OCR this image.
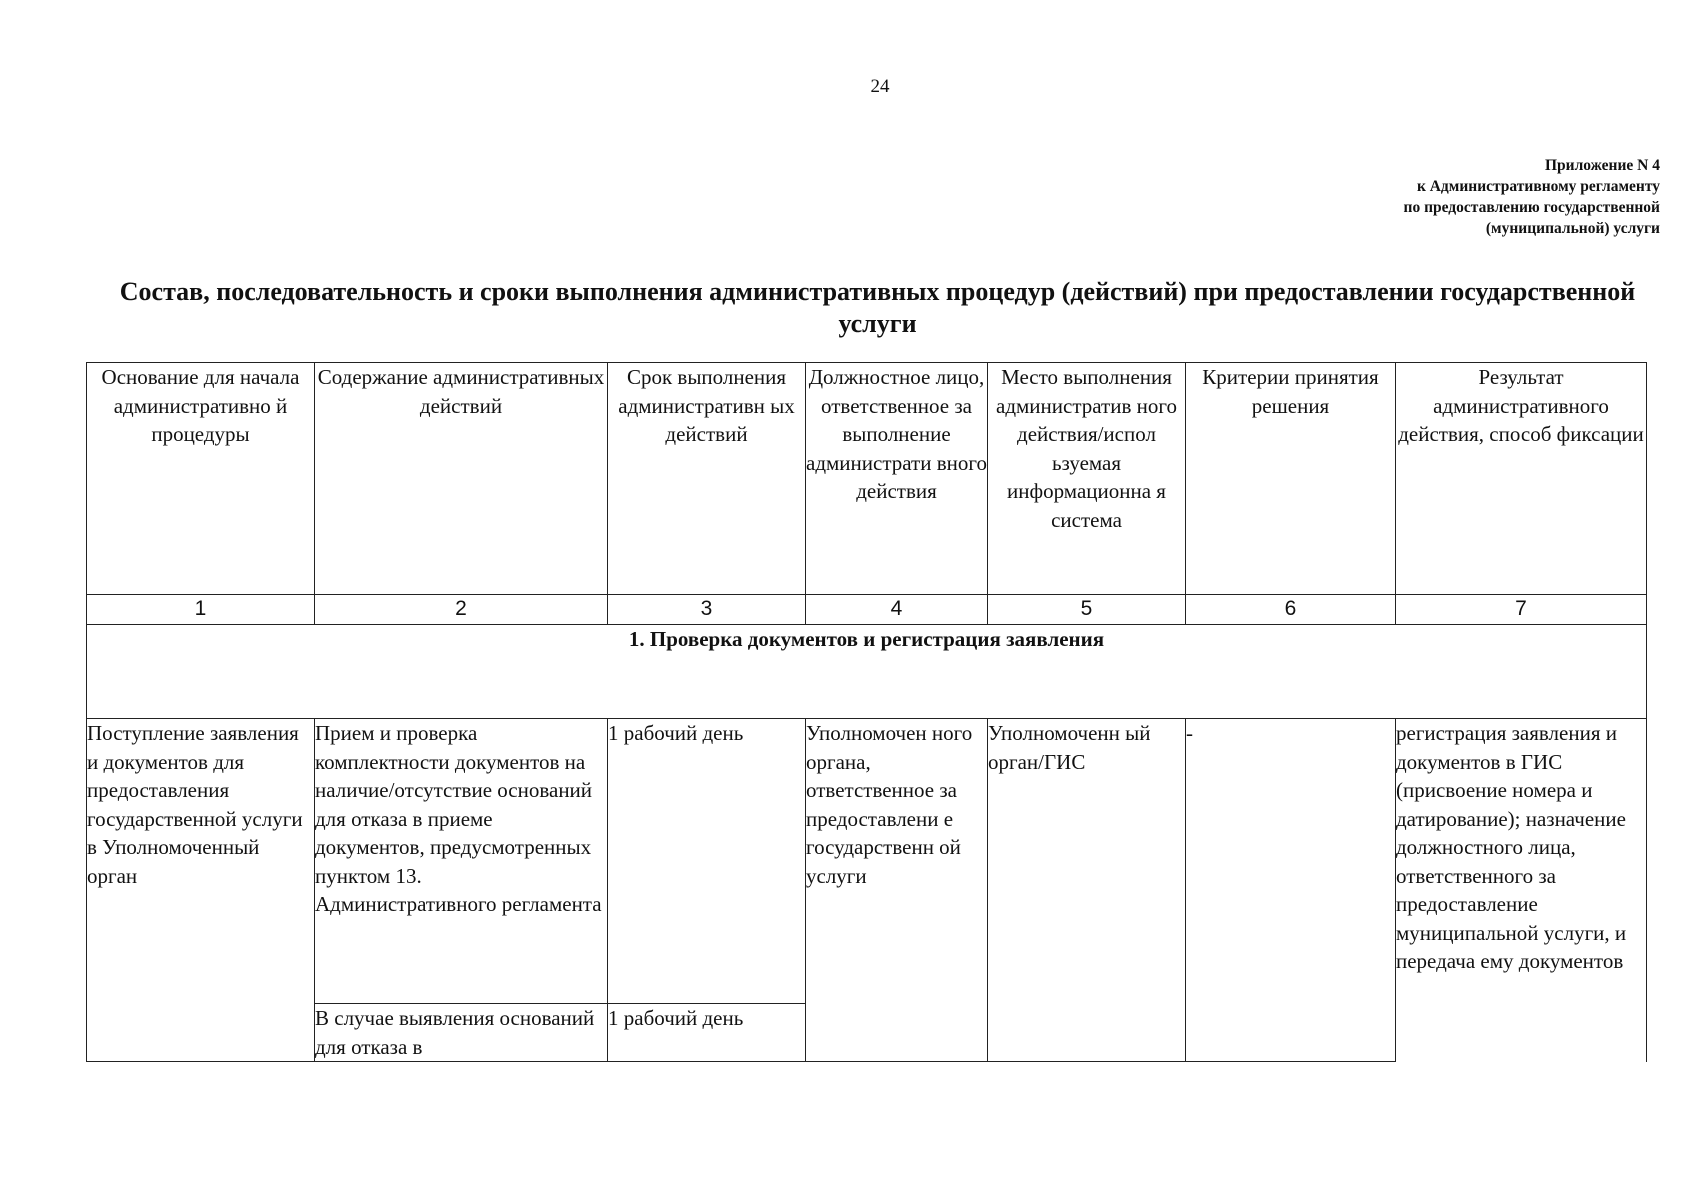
24
Приложение N 4
к Административному регламенту
по предоставлению государственной
(муниципальной) услуги
Состав, последовательность и сроки выполнения административных процедур (действий) при предоставлении государственной услуги
Основание для начала административно й процедуры	Содержание административных действий	Срок выполнения административн ых действий	Должностное лицо, ответственное за выполнение администрати вного действия	Место выполнения административ ного действия/испол ьзуемая информационна я система	Критерии принятия решения	Результат административного действия, способ фиксации
1	2	3	4	5	6	7
1. Проверка документов и регистрация заявления						
Поступление заявления и документов для предоставления государственной услуги в Уполномоченный орган	Прием и проверка комплектности документов на наличие/отсутствие оснований для отказа в приеме документов, предусмотренных пунктом 13. Административного регламента	1 рабочий день	Уполномочен ного органа, ответственное за предоставлени е государственн ой услуги	Уполномоченн ый орган/ГИС	-	регистрация заявления и документов в ГИС (присвоение номера и датирование); назначение должностного лица, ответственного за предоставление муниципальной услуги, и передача ему документов
	В случае выявления оснований для отказа в	1 рабочий день				
